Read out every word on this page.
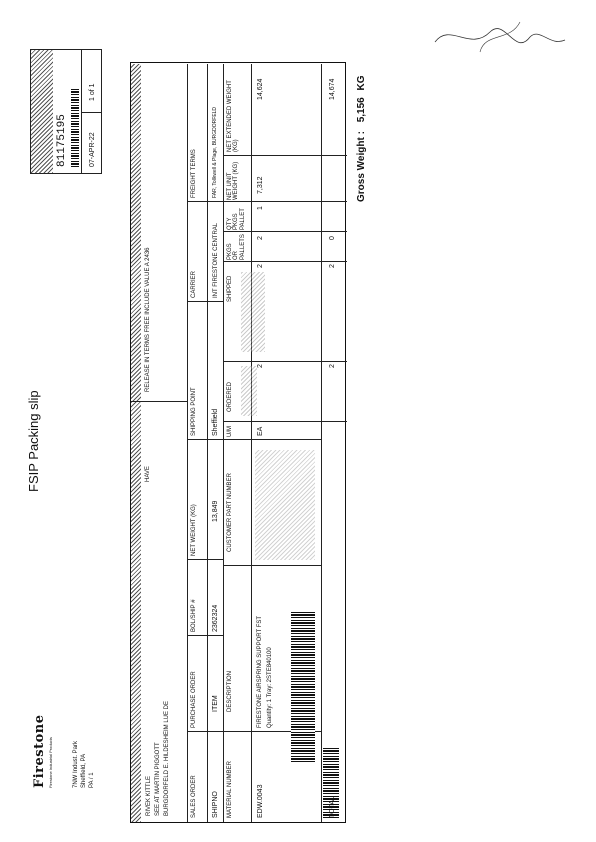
Firestone Firestone Industrial Products	7NW Indust. Park Sheffield, PA PA / 1
FSIP Packing slip
81175195	07-APR-22
1 of 1
RIVEK KITTLE SEE AT MARTIN PIGGOTT BURGDORFELD E. HILDESHEIM LUE DE
HAVE
RELEASE IN TERMS FREE INCLUDE VALUE A 2436
SALES ORDER
PURCHASE ORDER
BOL/SHIP #
NET WEIGHT (KG)
SHIPPING POINT
CARRIER
FREIGHT TERMS
SHIPNO
ITEM
2362324
13,849
Sheffield
INT FIRESTONE CENTRAL
FAR, Tollkwell & Plage, BURGDORFELD
MATERIAL NUMBER
DESCRIPTION
CUSTOMER PART NUMBER
U/M
ORDERED
SHIPPED
PKGS OR PALLETS
QTY PKGS PALLET
NET UNIT WEIGHT (KG)
NET EXTENDED WEIGHT (KG)
EDW.0043
FIRESTONE AIRSPRING SUPPORT FST Quantity: 1 Tray: 2STE840100
EA
2
2
2
1
7,312
14,624
TOTAL
2
2
0
14,674
Gross Weight : 5,156 KG
